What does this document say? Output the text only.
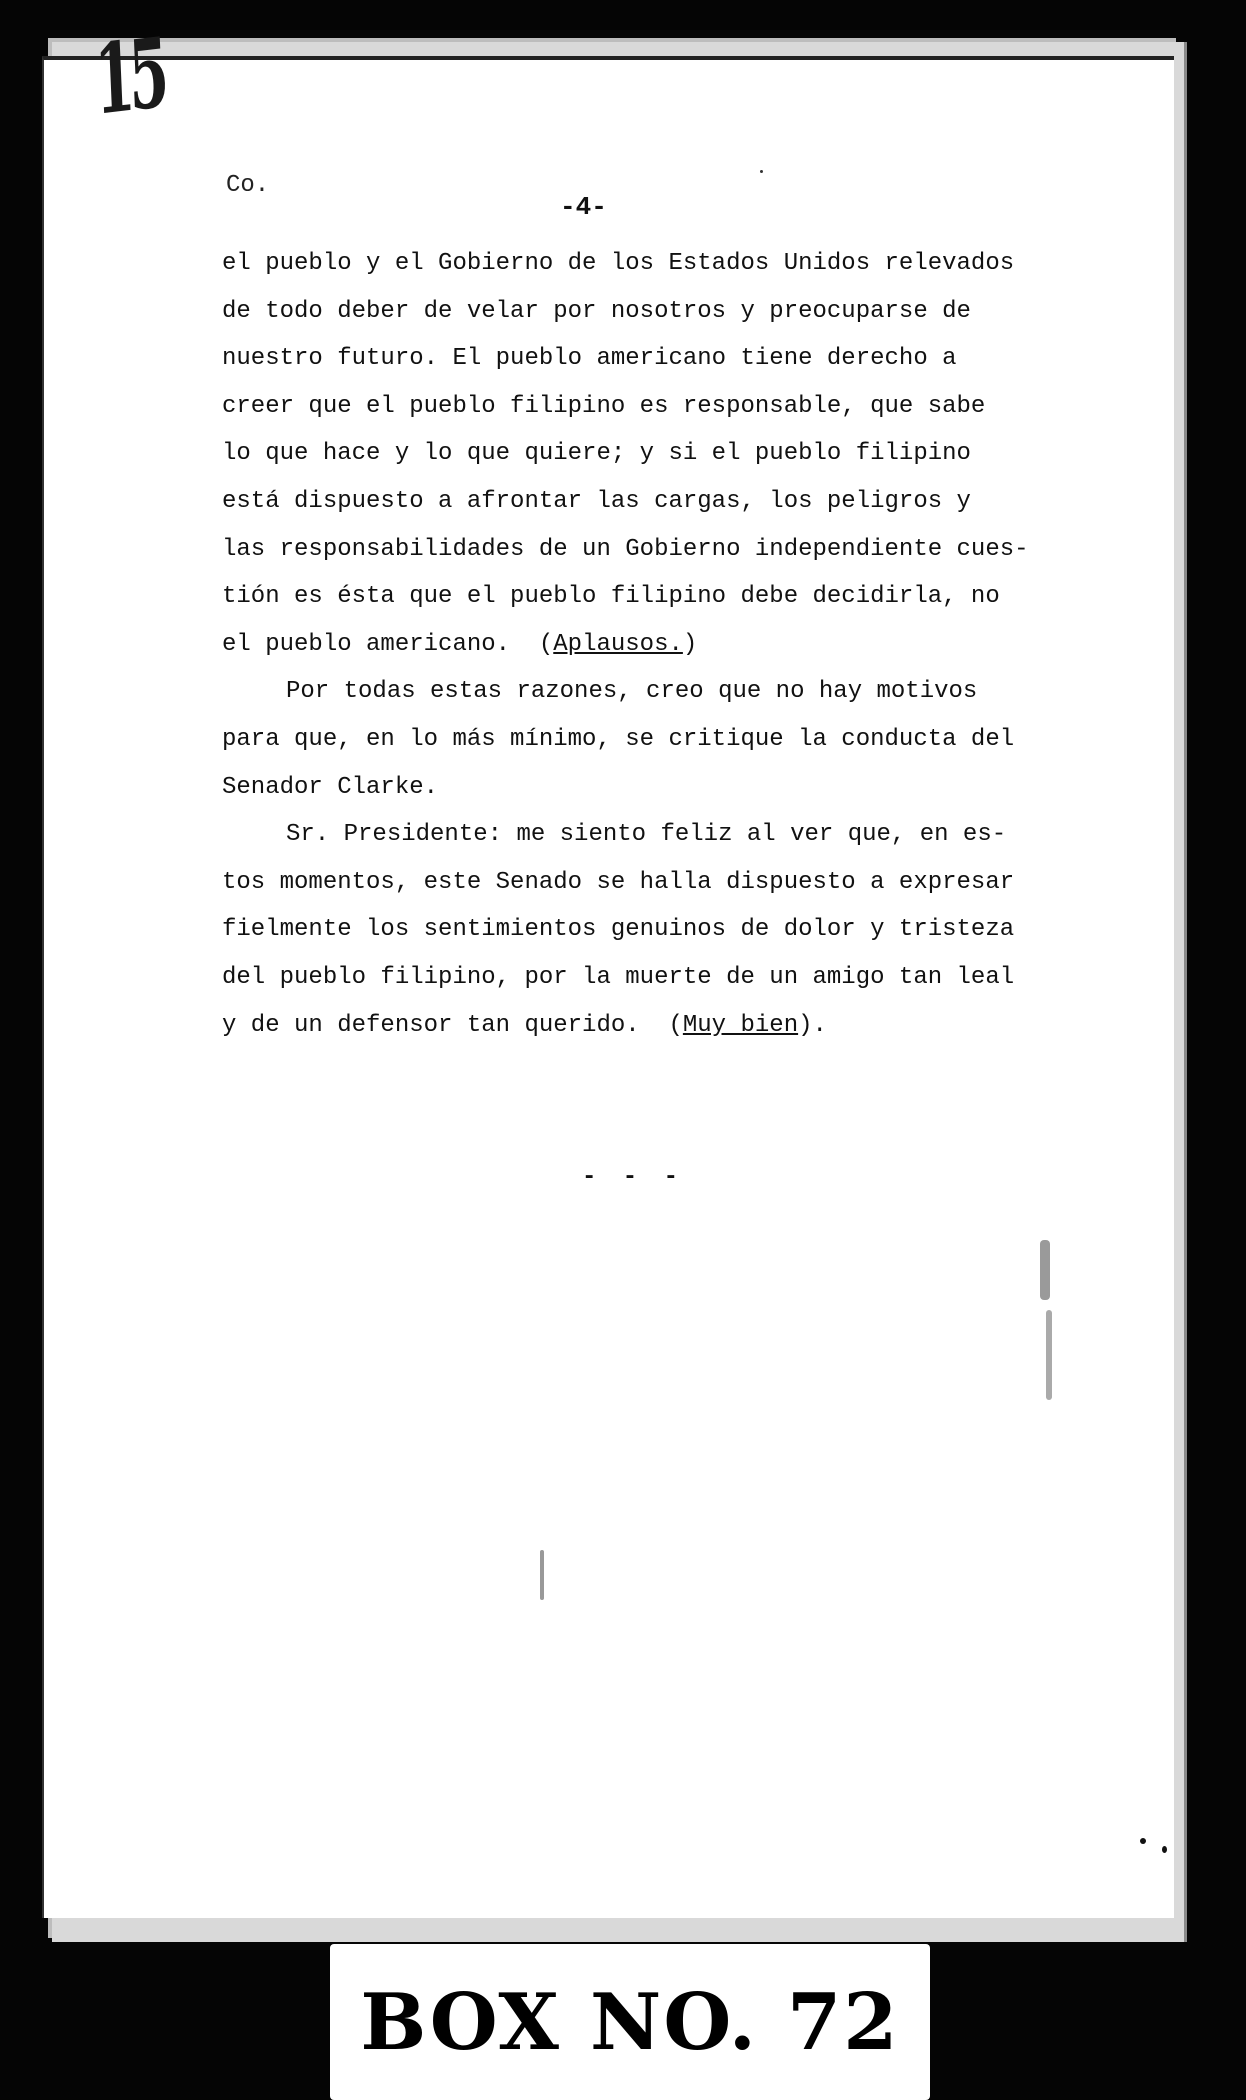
15
Co.
-4-
el pueblo y el Gobierno de los Estados Unidos relevados
de todo deber de velar por nosotros y preocuparse de
nuestro futuro. El pueblo americano tiene derecho a
creer que el pueblo filipino es responsable, que sabe
lo que hace y lo que quiere; y si el pueblo filipino
está dispuesto a afrontar las cargas, los peligros y
las responsabilidades de un Gobierno independiente cues-
tión es ésta que el pueblo filipino debe decidirla, no
el pueblo americano.  (Aplausos.)
Por todas estas razones, creo que no hay motivos
para que, en lo más mínimo, se critique la conducta del
Senador Clarke.
Sr. Presidente: me siento feliz al ver que, en es-
tos momentos, este Senado se halla dispuesto a expresar
fielmente los sentimientos genuinos de dolor y tristeza
del pueblo filipino, por la muerte de un amigo tan leal
y de un defensor tan querido.  (Muy bien).
- - -
BOX NO. 72
